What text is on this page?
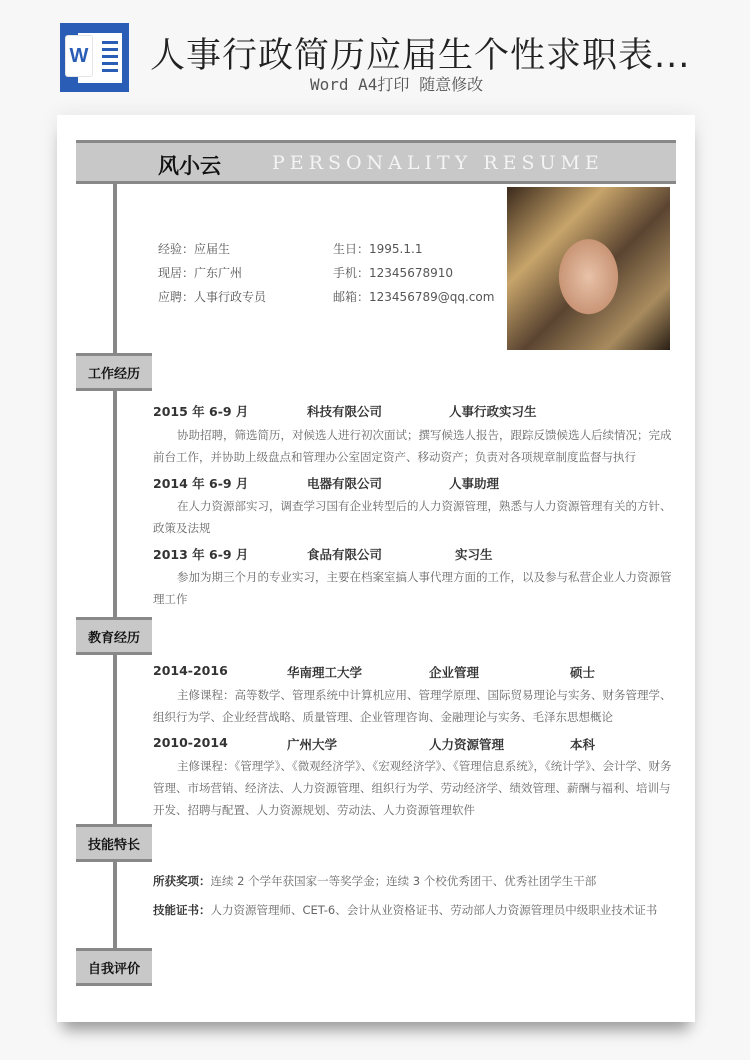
W 人事行政简历应届生个性求职表...
Word A4打印 随意修改
风小云	PERSONALITY RESUME
经验：应届生	生日：1995.1.1
现居：广东广州	手机：12345678910
应聘：人事行政专员	邮箱：123456789@qq.com
工作经历
教育经历
技能特长
自我评价
2015 年 6-9 月	科技有限公司	人事行政实习生
协助招聘，筛选简历，对候选人进行初次面试；撰写候选人报告，跟踪反馈候选人后续情况；完成前台工作，并协助上级盘点和管理办公室固定资产、移动资产；负责对各项规章制度监督与执行
2014 年 6-9 月	电器有限公司	人事助理
在人力资源部实习，调查学习国有企业转型后的人力资源管理，熟悉与人力资源管理有关的方针、政策及法规
2013 年 6-9 月	食品有限公司	实习生
参加为期三个月的专业实习，主要在档案室搞人事代理方面的工作，以及参与私营企业人力资源管理工作
2014-2016	华南理工大学	企业管理	硕士
主修课程：高等数学、管理系统中计算机应用、管理学原理、国际贸易理论与实务、财务管理学、组织行为学、企业经营战略、质量管理、企业管理咨询、金融理论与实务、毛泽东思想概论
2010-2014	广州大学	人力资源管理	本科
主修课程：《管理学》、《微观经济学》、《宏观经济学》、《管理信息系统》，《统计学》、会计学、财务管理、市场营销、经济法、人力资源管理、组织行为学、劳动经济学、绩效管理、薪酬与福利、培训与开发、招聘与配置、人力资源规划、劳动法、人力资源管理软件
所获奖项：连续 2 个学年获国家一等奖学金；连续 3 个校优秀团干、优秀社团学生干部
技能证书：人力资源管理师、CET-6、会计从业资格证书、劳动部人力资源管理员中级职业技术证书
